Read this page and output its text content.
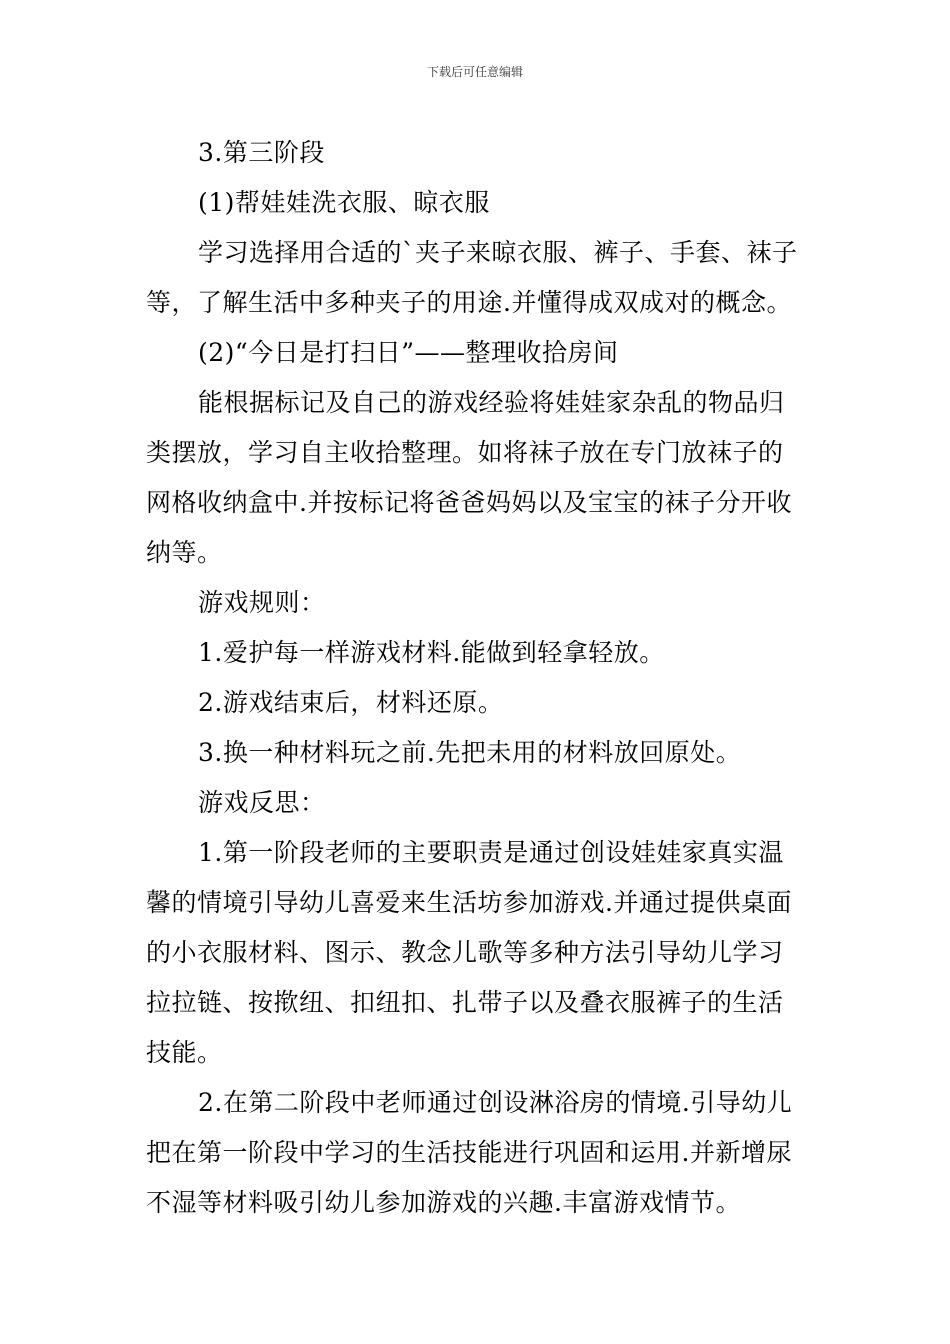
下载后可任意编辑

3.第三阶段

(1)帮娃娃洗衣服、晾衣服

学习选择用合适的`夹子来晾衣服、裤子、手套、袜子等，了解生活中多种夹子的用途.并懂得成双成对的概念。

(2)“今日是打扫日”——整理收拾房间

能根据标记及自己的游戏经验将娃娃家杂乱的物品归类摆放，学习自主收拾整理。如将袜子放在专门放袜子的网格收纳盒中.并按标记将爸爸妈妈以及宝宝的袜子分开收纳等。

游戏规则：

1.爱护每一样游戏材料.能做到轻拿轻放。

2.游戏结束后，材料还原。

3.换一种材料玩之前.先把未用的材料放回原处。

游戏反思：

1.第一阶段老师的主要职责是通过创设娃娃家真实温馨的情境引导幼儿喜爱来生活坊参加游戏.并通过提供桌面的小衣服材料、图示、教念儿歌等多种方法引导幼儿学习拉拉链、按揿纽、扣纽扣、扎带子以及叠衣服裤子的生活技能。

2.在第二阶段中老师通过创设淋浴房的情境.引导幼儿把在第一阶段中学习的生活技能进行巩固和运用.并新增尿不湿等材料吸引幼儿参加游戏的兴趣.丰富游戏情节。
